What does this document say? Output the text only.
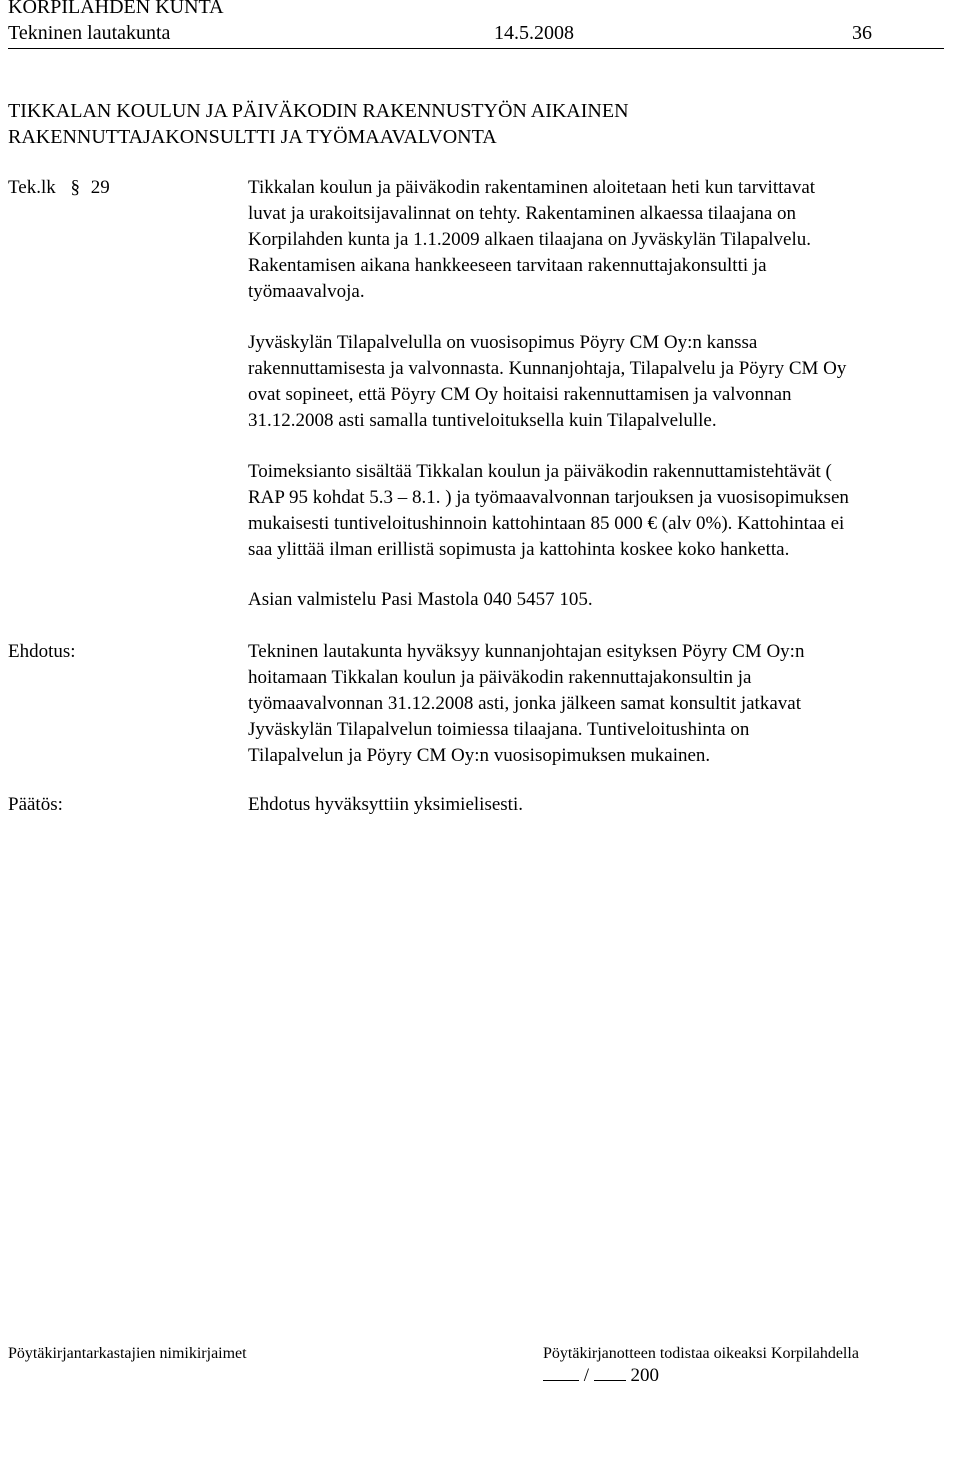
KORPILAHDEN KUNTA
Tekninen lautakunta	14.5.2008	36
TIKKALAN KOULUN JA PÄIVÄKODIN RAKENNUSTYÖN AIKAINEN
RAKENNUTTAJAKONSULTTI JA TYÖMAAVALVONTA
Tek.lk § 29	Tikkalan koulun ja päiväkodin rakentaminen aloitetaan heti kun tarvittavat

luvat ja urakoitsijavalinnat on tehty. Rakentaminen alkaessa tilaajana on

Korpilahden kunta ja 1.1.2009 alkaen tilaajana on Jyväskylän Tilapalvelu.

Rakentamisen aikana hankkeeseen tarvitaan rakennuttajakonsultti ja

työmaavalvoja.

Jyväskylän Tilapalvelulla on vuosisopimus Pöyry CM Oy:n kanssa

rakennuttamisesta ja valvonnasta. Kunnanjohtaja, Tilapalvelu ja Pöyry CM Oy

ovat sopineet, että Pöyry CM Oy hoitaisi rakennuttamisen ja valvonnan

31.12.2008 asti samalla tuntiveloituksella kuin Tilapalvelulle.

Toimeksianto sisältää Tikkalan koulun ja päiväkodin rakennuttamistehtävät (

RAP 95 kohdat 5.3 – 8.1. ) ja työmaavalvonnan tarjouksen ja vuosisopimuksen

mukaisesti tuntiveloitushinnoin kattohintaan 85 000 € (alv 0%). Kattohintaa ei

saa ylittää ilman erillistä sopimusta ja kattohinta koskee koko hanketta.

Asian valmistelu Pasi Mastola 040 5457 105.

Ehdotus:	Tekninen lautakunta hyväksyy kunnanjohtajan esityksen Pöyry CM Oy:n

hoitamaan Tikkalan koulun ja päiväkodin rakennuttajakonsultin ja

työmaavalvonnan 31.12.2008 asti, jonka jälkeen samat konsultit jatkavat

Jyväskylän Tilapalvelun toimiessa tilaajana. Tuntiveloitushinta on

Tilapalvelun ja Pöyry CM Oy:n vuosisopimuksen mukainen.

Päätös:	Ehdotus hyväksyttiin yksimielisesti.

Pöytäkirjantarkastajien nimikirjaimet	Pöytäkirjanotteen todistaa oikeaksi Korpilahdella
/ 200
